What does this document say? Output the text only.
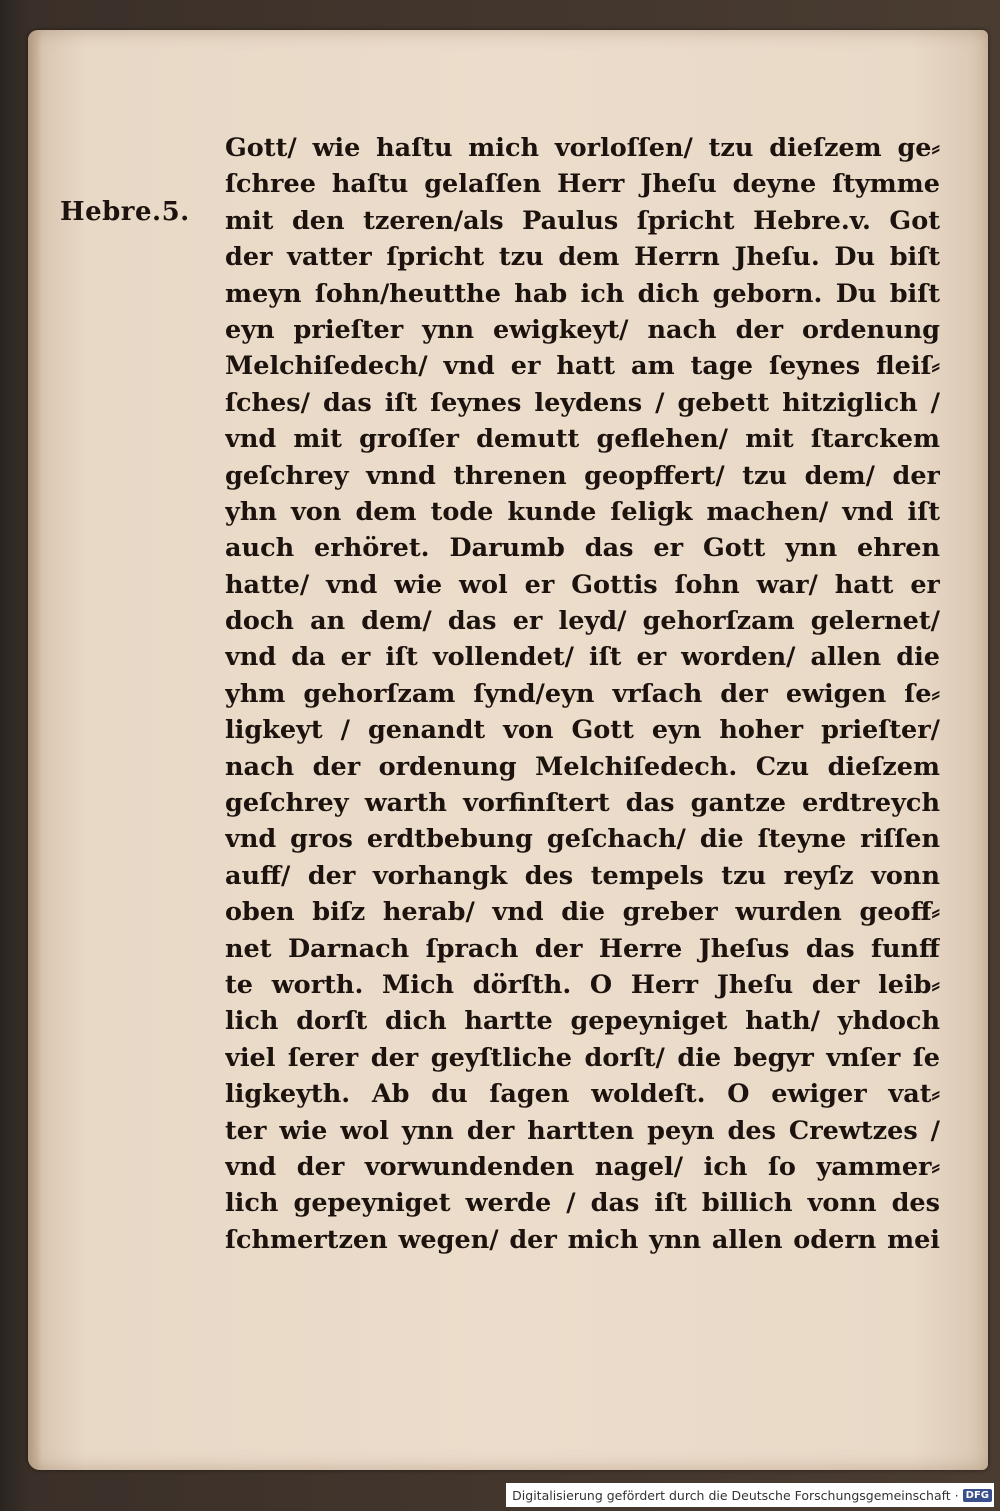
Hebre.5.
Gott/ wie haſtu mich vorloſſen/ tzu dieſzem ge⸗
ſchree haſtu gelaſſen Herr Jheſu deyne ſtymme
mit den tzeren/als Paulus ſpricht Hebre.v. Got
der vatter ſpricht tzu dem Herrn Jheſu. Du biſt
meyn ſohn/heutthe hab ich dich geborn. Du biſt
eyn prieſter ynn ewigkeyt/ nach der ordenung
Melchiſedech/ vnd er hatt am tage ſeynes fleiſ⸗
ſches/ das iſt ſeynes leydens / gebett hitziglich /
vnd mit groſſer demutt geflehen/ mit ſtarckem
geſchrey vnnd threnen geopffert/ tzu dem/ der
yhn von dem tode kunde ſeligk machen/ vnd iſt
auch erhöret. Darumb das er Gott ynn ehren
hatte/ vnd wie wol er Gottis ſohn war/ hatt er
doch an dem/ das er leyd/ gehorſzam gelernet/
vnd da er iſt vollendet/ iſt er worden/ allen die
yhm gehorſzam ſynd/eyn vrſach der ewigen ſe⸗
ligkeyt / genandt von Gott eyn hoher prieſter/
nach der ordenung Melchiſedech. Czu dieſzem
geſchrey warth vorfinſtert das gantze erdtreych
vnd gros erdtbebung geſchach/ die ſteyne riſſen
auff/ der vorhangk des tempels tzu reyſz vonn
oben biſz herab/ vnd die greber wurden geoff⸗
net Darnach ſprach der Herre Jheſus das funff
te worth. Mich dörſth. O Herr Jheſu der leib⸗
lich dorſt dich hartte gepeyniget hath/ yhdoch
viel ſerer der geyſtliche dorſt/ die begyr vnſer ſe
ligkeyth. Ab du ſagen woldeſt. O ewiger vat⸗
ter wie wol ynn der hartten peyn des Crewtzes /
vnd der vorwundenden nagel/ ich ſo yammer⸗
lich gepeyniget werde / das iſt billich vonn des
ſchmertzen wegen/ der mich ynn allen odern mei
Digitalisierung gefördert durch die Deutsche Forschungsgemeinschaft · DFG
